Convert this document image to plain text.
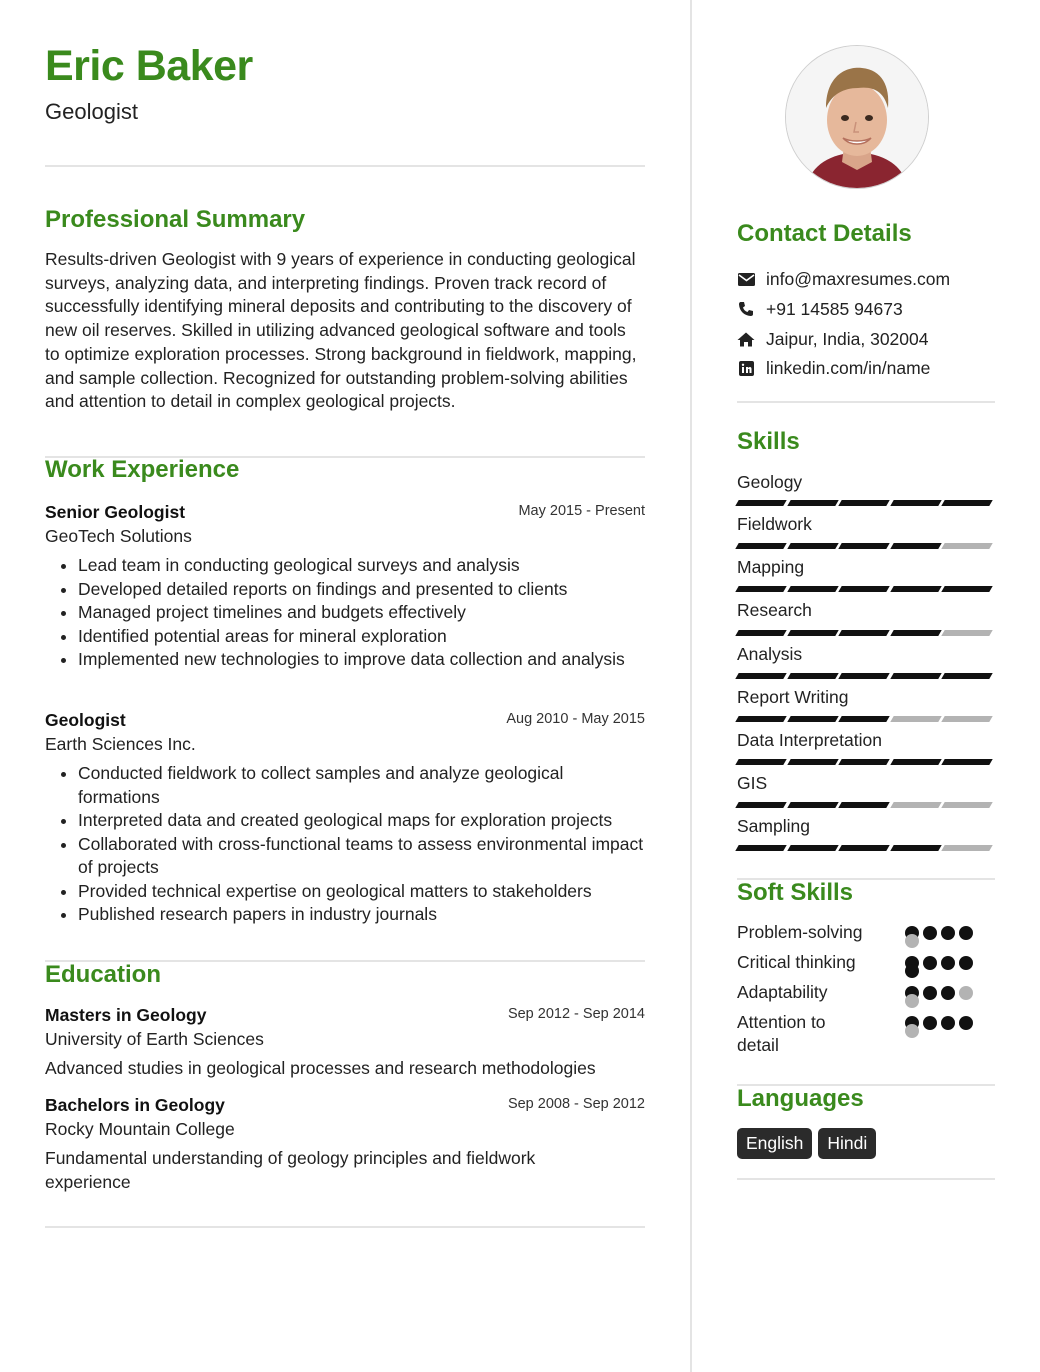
Eric Baker
Geologist
Professional Summary
Results-driven Geologist with 9 years of experience in conducting geological surveys, analyzing data, and interpreting findings. Proven track record of successfully identifying mineral deposits and contributing to the discovery of new oil reserves. Skilled in utilizing advanced geological software and tools to optimize exploration processes. Strong background in fieldwork, mapping, and sample collection. Recognized for outstanding problem-solving abilities and attention to detail in complex geological projects.
Work Experience
Senior Geologist	May 2015 - Present
GeoTech Solutions
• Lead team in conducting geological surveys and analysis
• Developed detailed reports on findings and presented to clients
• Managed project timelines and budgets effectively
• Identified potential areas for mineral exploration
• Implemented new technologies to improve data collection and analysis
Geologist	Aug 2010 - May 2015
Earth Sciences Inc.
• Conducted fieldwork to collect samples and analyze geological formations
• Interpreted data and created geological maps for exploration projects
• Collaborated with cross-functional teams to assess environmental impact of projects
• Provided technical expertise on geological matters to stakeholders
• Published research papers in industry journals
Education
Masters in Geology	Sep 2012 - Sep 2014
University of Earth Sciences
Advanced studies in geological processes and research methodologies
Bachelors in Geology	Sep 2008 - Sep 2012
Rocky Mountain College
Fundamental understanding of geology principles and fieldwork experience
Contact Details
info@maxresumes.com
+91 14585 94673
Jaipur, India, 302004
linkedin.com/in/name
Skills
Geology
Fieldwork
Mapping
Research
Analysis
Report Writing
Data Interpretation
GIS
Sampling
Soft Skills
Problem-solving
Critical thinking
Adaptability
Attention to detail
Languages
English	Hindi
